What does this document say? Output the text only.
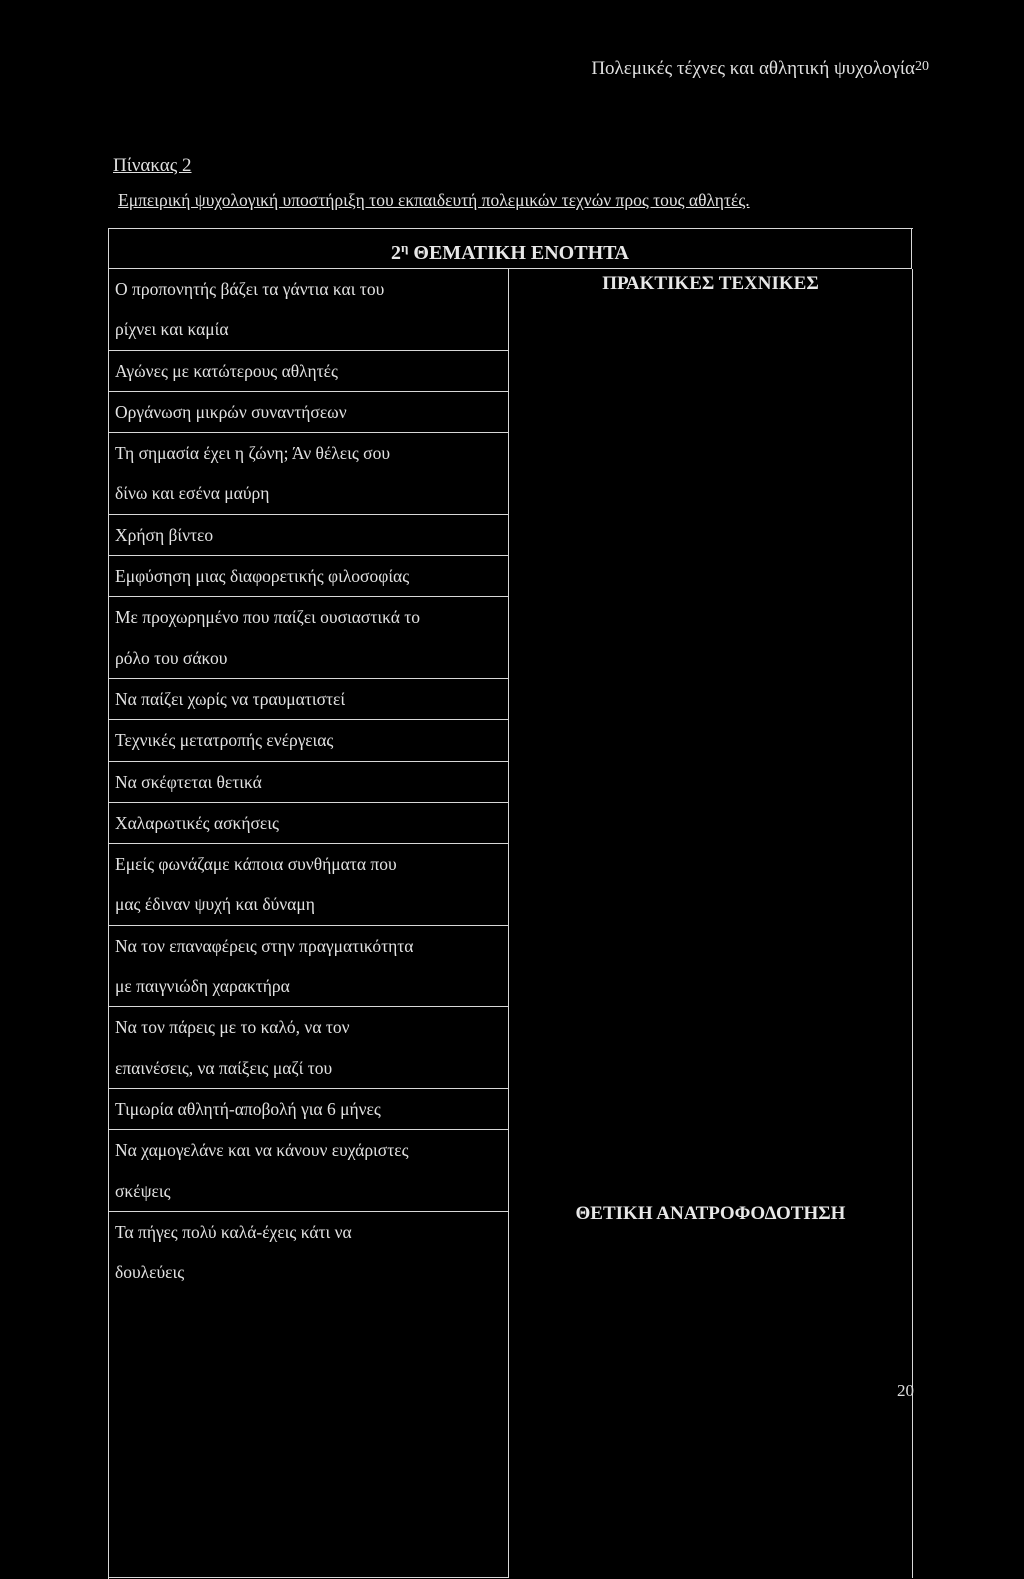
Πολεμικές τέχνες και αθλητική ψυχολογία$^{20}$
Πίνακας 2
Εμπειρική ψυχολογική υποστήριξη του εκπαιδευτή πολεμικών τεχνών προς τους αθλητές.
$2^\eta$ ΘΕΜΑΤΙΚΗ ΕΝΟΤΗΤΑ
Ο προπονητής βάζει τα γάντια και του
ρίχνει και καμία
Αγώνες με κατώτερους αθλητές
Οργάνωση μικρών συναντήσεων
Τη σημασία έχει η ζώνη; Άν θέλεις σου
δίνω και εσένα μαύρη
Χρήση βίντεο
Εμφύσηση μιας διαφορετικής φιλοσοφίας
Με προχωρημένο που παίζει ουσιαστικά το
ρόλο του σάκου
Να παίζει χωρίς να τραυματιστεί
Τεχνικές μετατροπής ενέργειας
Να σκέφτεται θετικά
Χαλαρωτικές ασκήσεις
Εμείς φωνάζαμε κάποια συνθήματα που
μας έδιναν ψυχή και δύναμη
Να τον επαναφέρεις στην πραγματικότητα
με παιγνιώδη χαρακτήρα
Να τον πάρεις με το καλό, να τον
επαινέσεις, να παίξεις μαζί του
Τιμωρία αθλητή-αποβολή για 6 μήνες
Να χαμογελάνε και να κάνουν ευχάριστες
σκέψεις
Τα πήγες πολύ καλά-έχεις κάτι να
δουλεύεις
ΠΡΑΚΤΙΚΕΣ ΤΕΧΝΙΚΕΣ
ΘΕΤΙΚΗ ΑΝΑΤΡΟΦΟΔΟΤΗΣΗ
20
